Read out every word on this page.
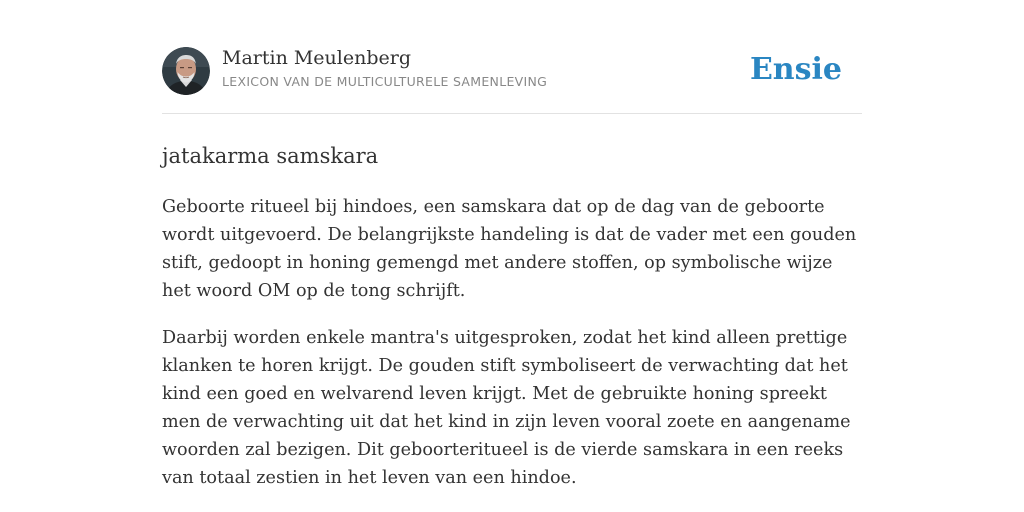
Martin Meulenberg
LEXICON VAN DE MULTICULTURELE SAMENLEVING	Ensie
jatakarma samskara

Geboorte ritueel bij hindoes, een samskara dat op de dag van de geboorte wordt uitgevoerd. De belangrijkste handeling is dat de vader met een gouden stift, gedoopt in honing gemengd met andere stoffen, op symbolische wijze het woord OM op de tong schrijft.

Daarbij worden enkele mantra's uitgesproken, zodat het kind alleen prettige klanken te horen krijgt. De gouden stift symboliseert de verwachting dat het kind een goed en welvarend leven krijgt. Met de gebruikte honing spreekt men de verwachting uit dat het kind in zijn leven vooral zoete en aangename woorden zal bezigen. Dit geboorteritueel is de vierde samskara in een reeks van totaal zestien in het leven van een hindoe.
